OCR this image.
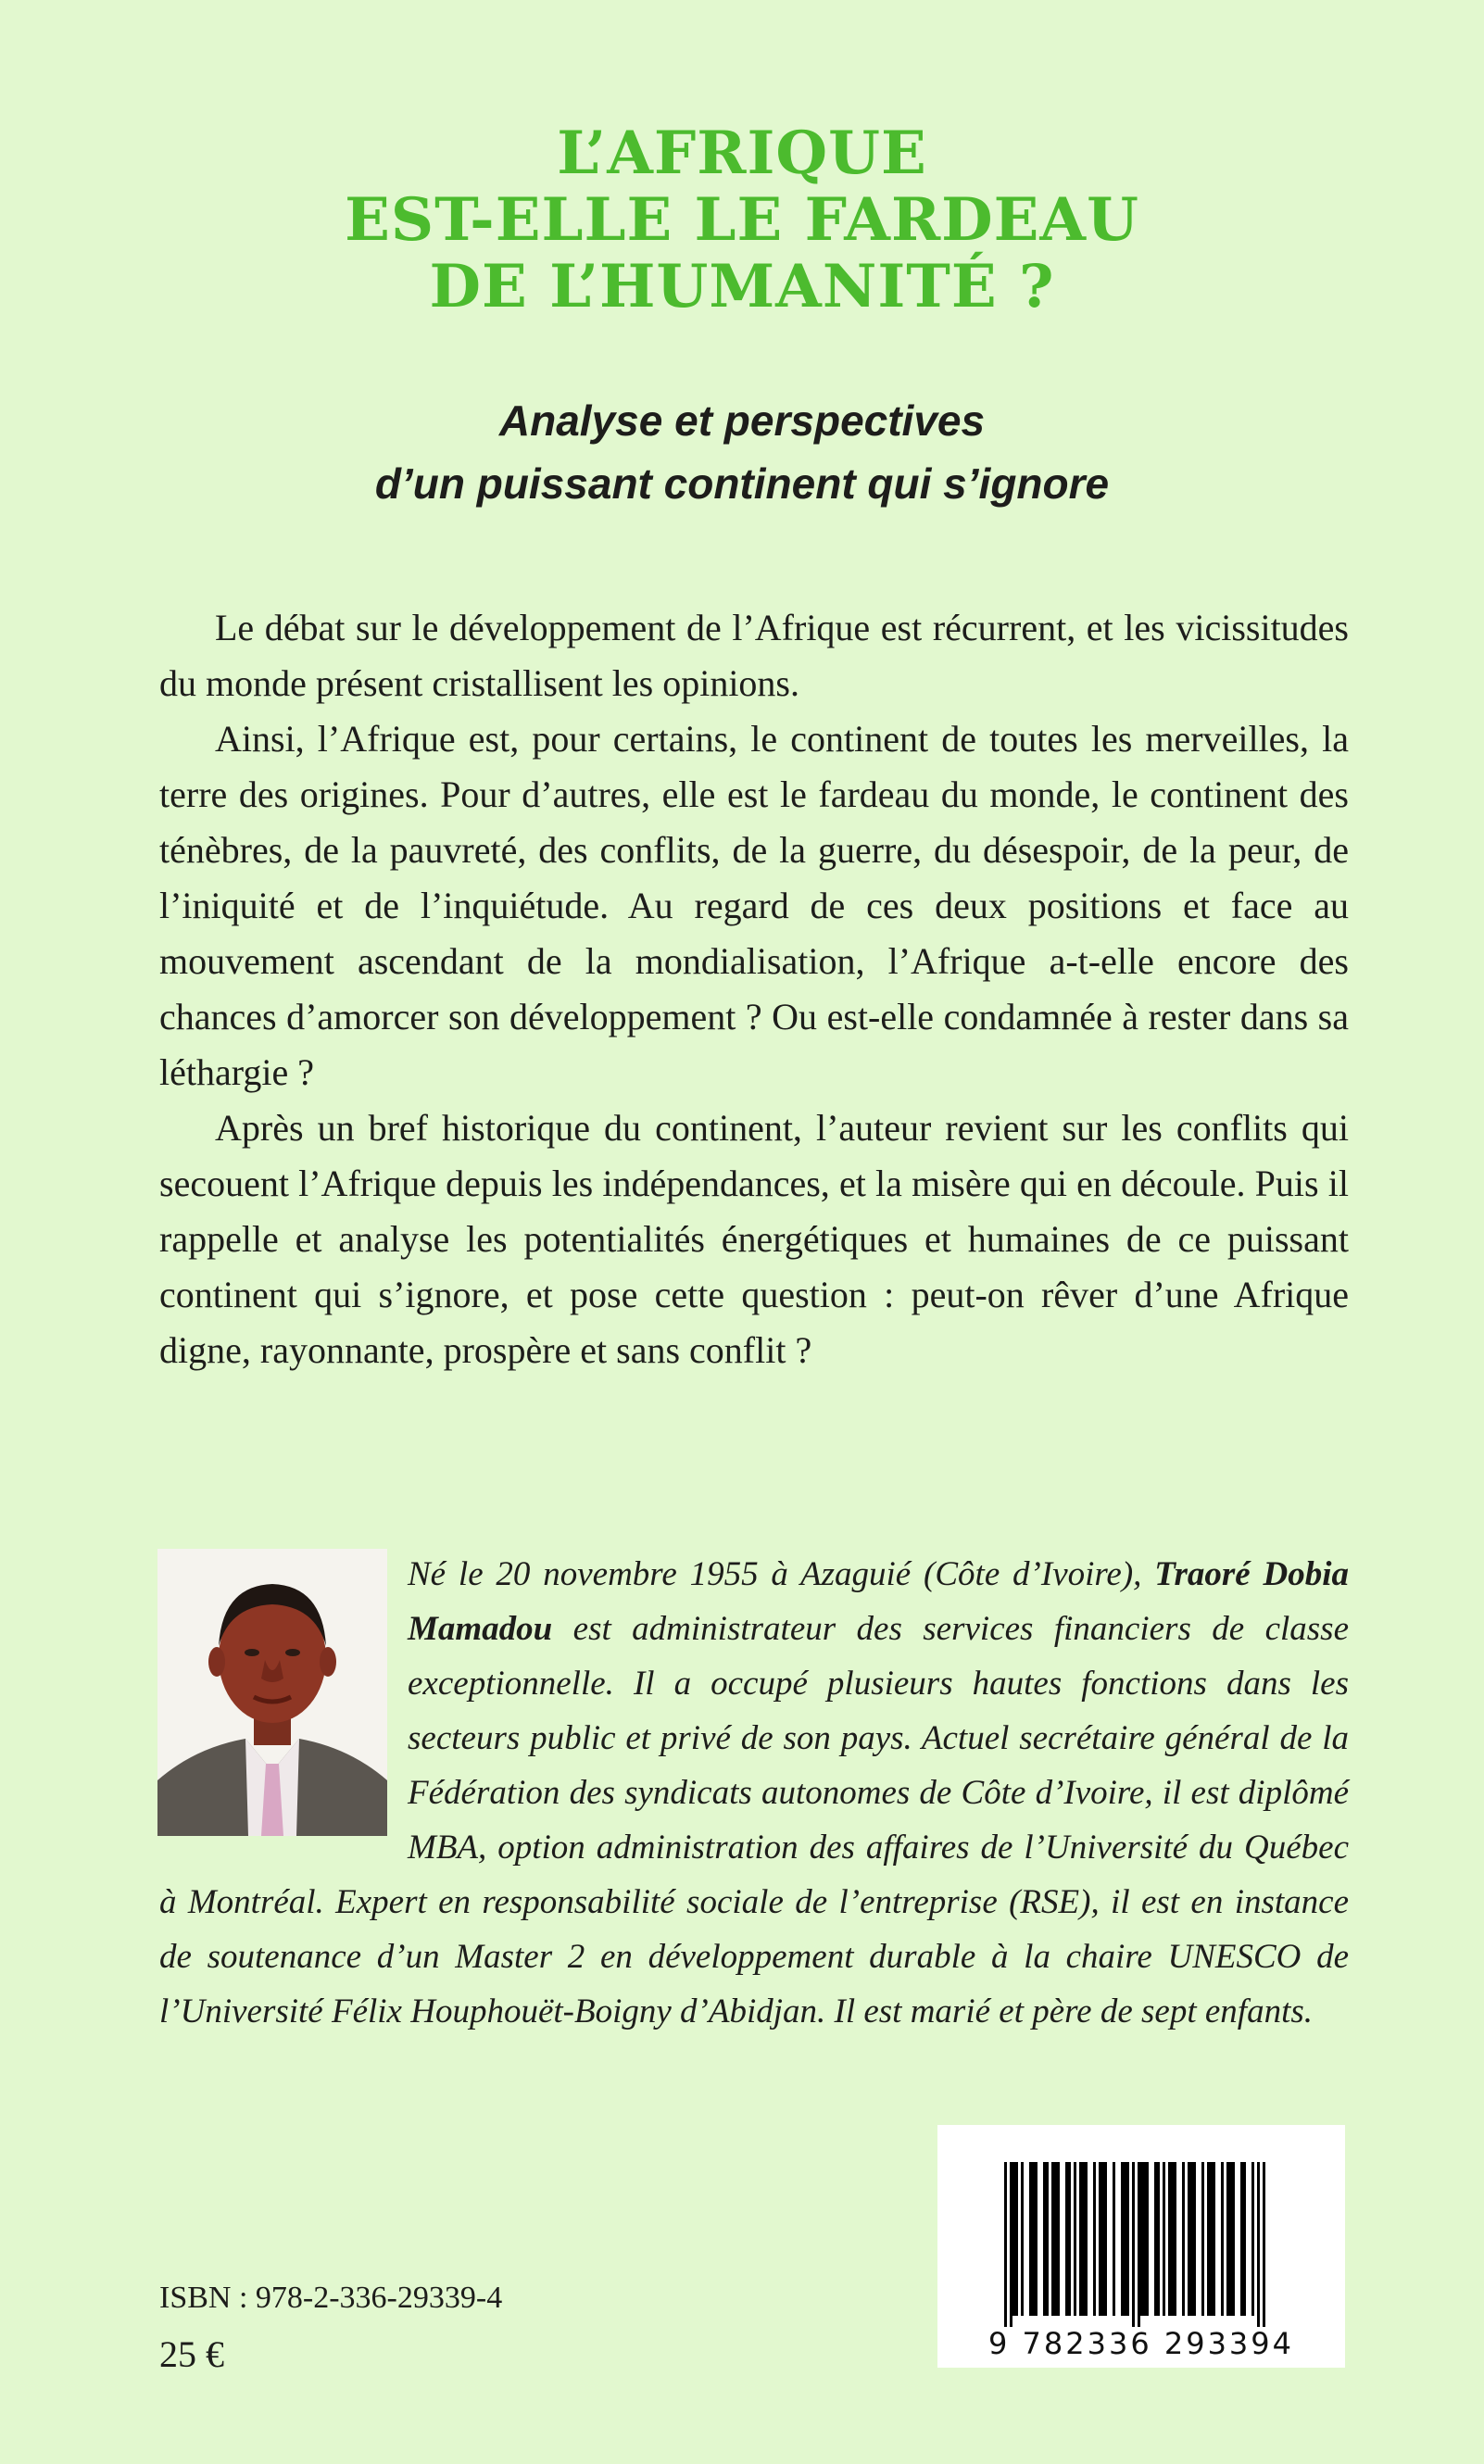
L’AFRIQUE

EST-ELLE LE FARDEAU

DE L’HUMANITÉ ?

Analyse et perspectives

d’un puissant continent qui s’ignore

Le débat sur le développement de l’Afrique est récurrent, et les vicissitudes du monde présent cristallisent les opinions.

Ainsi, l’Afrique est, pour certains, le continent de toutes les merveilles, la terre des origines. Pour d’autres, elle est le fardeau du monde, le continent des ténèbres, de la pauvreté, des conflits, de la guerre, du désespoir, de la peur, de l’iniquité et de l’inquiétude. Au regard de ces deux positions et face au mouvement ascendant de la mondialisation, l’Afrique a-t-elle encore des chances d’amorcer son développement ? Ou est-elle condamnée à rester dans sa léthargie ?

Après un bref historique du continent, l’auteur revient sur les conflits qui secouent l’Afrique depuis les indépendances, et la misère qui en découle. Puis il rappelle et analyse les potentialités énergétiques et humaines de ce puissant continent qui s’ignore, et pose cette question : peut-on rêver d’une Afrique digne, rayonnante, prospère et sans conflit ?

Né le 20 novembre 1955 à Azaguié (Côte d’Ivoire), Traoré Dobia Mamadou est administrateur des services financiers de classe exceptionnelle. Il a occupé plusieurs hautes fonctions dans les secteurs public et privé de son pays. Actuel secrétaire général de la Fédération des syndicats autonomes de Côte d’Ivoire, il est diplômé MBA, option administration des affaires de l’Université du Québec à Montréal. Expert en responsabilité sociale de l’entreprise (RSE), il est en instance de soutenance d’un Master 2 en développement durable à la chaire UNESCO de l’Université Félix Houphouët-Boigny d’Abidjan. Il est marié et père de sept enfants.

ISBN : 978-2-336-29339-4
25 €	9 782336 293394
